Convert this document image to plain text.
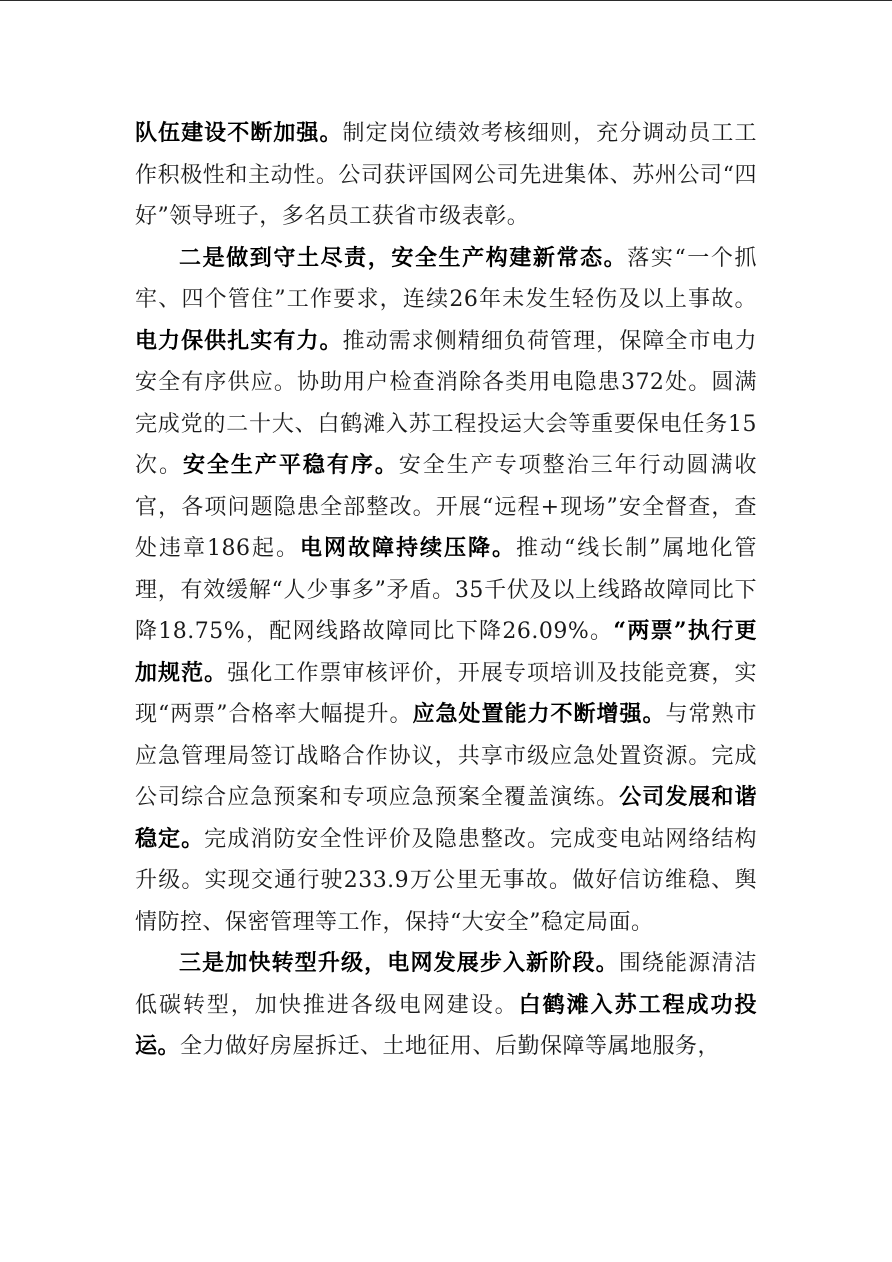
队伍建设不断加强。制定岗位绩效考核细则，充分调动员工工作积极性和主动性。公司获评国网公司先进集体、苏州公司“四好”领导班子，多名员工获省市级表彰。

二是做到守土尽责，安全生产构建新常态。落实“一个抓牢、四个管住”工作要求，连续26年未发生轻伤及以上事故。电力保供扎实有力。推动需求侧精细负荷管理，保障全市电力安全有序供应。协助用户检查消除各类用电隐患372处。圆满完成党的二十大、白鹤滩入苏工程投运大会等重要保电任务15次。安全生产平稳有序。安全生产专项整治三年行动圆满收官，各项问题隐患全部整改。开展“远程+现场”安全督查，查处违章186起。电网故障持续压降。推动“线长制”属地化管理，有效缓解“人少事多”矛盾。35千伏及以上线路故障同比下降18.75%，配网线路故障同比下降26.09%。“两票”执行更加规范。强化工作票审核评价，开展专项培训及技能竞赛，实现“两票”合格率大幅提升。应急处置能力不断增强。与常熟市应急管理局签订战略合作协议，共享市级应急处置资源。完成公司综合应急预案和专项应急预案全覆盖演练。公司发展和谐稳定。完成消防安全性评价及隐患整改。完成变电站网络结构升级。实现交通行驶233.9万公里无事故。做好信访维稳、舆情防控、保密管理等工作，保持“大安全”稳定局面。

三是加快转型升级，电网发展步入新阶段。围绕能源清洁低碳转型，加快推进各级电网建设。白鹤滩入苏工程成功投运。全力做好房屋拆迁、土地征用、后勤保障等属地服务，
